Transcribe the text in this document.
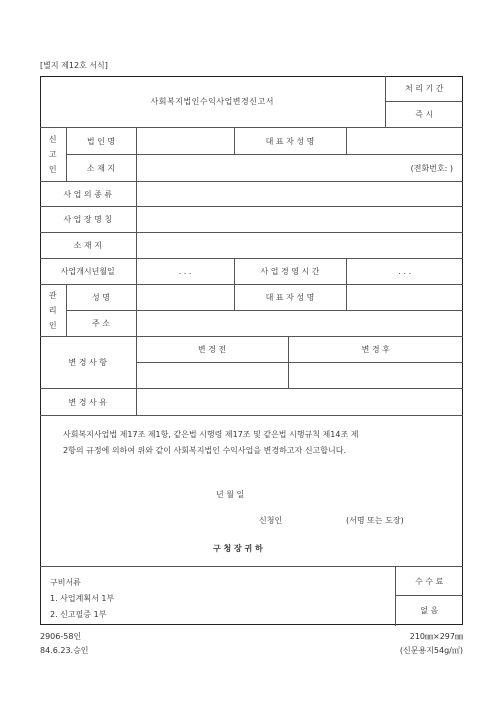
[별지 제12호 서식]
사회복지법인수익사업변경신고서	처 리 기 간
즉 시
신
고
인	법 인 명		대 표 자 성 명	
	소 재 지	(전화번호: )		
사 업 의 종 류			
사 업 장 명 칭			
소 재 지			
사업개시년월일	. . .	사 업 경 영 시 간	. . .
관
리
인	성 명		대 표 자 성 명	
	주 소			
변 경 사 항	변 경 전	변 경 후

변 경 사 유		
사회복지사업법 제17조 제1항, 같은법 시행령 제17조 및 같은법 시행규칙 제14조 제
2항의 규정에 의하여 위와 같이 사회복지법인 수익사업을 변경하고자 신고합니다.
년 월 일
신청인	(서명 또는 도장)
구 청 장 귀 하
구비서류
1. 사업계획서 1부
2. 신고필증 1부
	수 수 료
없 음
2906-58인
84.6.23.승인
210㎜×297㎜
(신문용지54g/㎡)
